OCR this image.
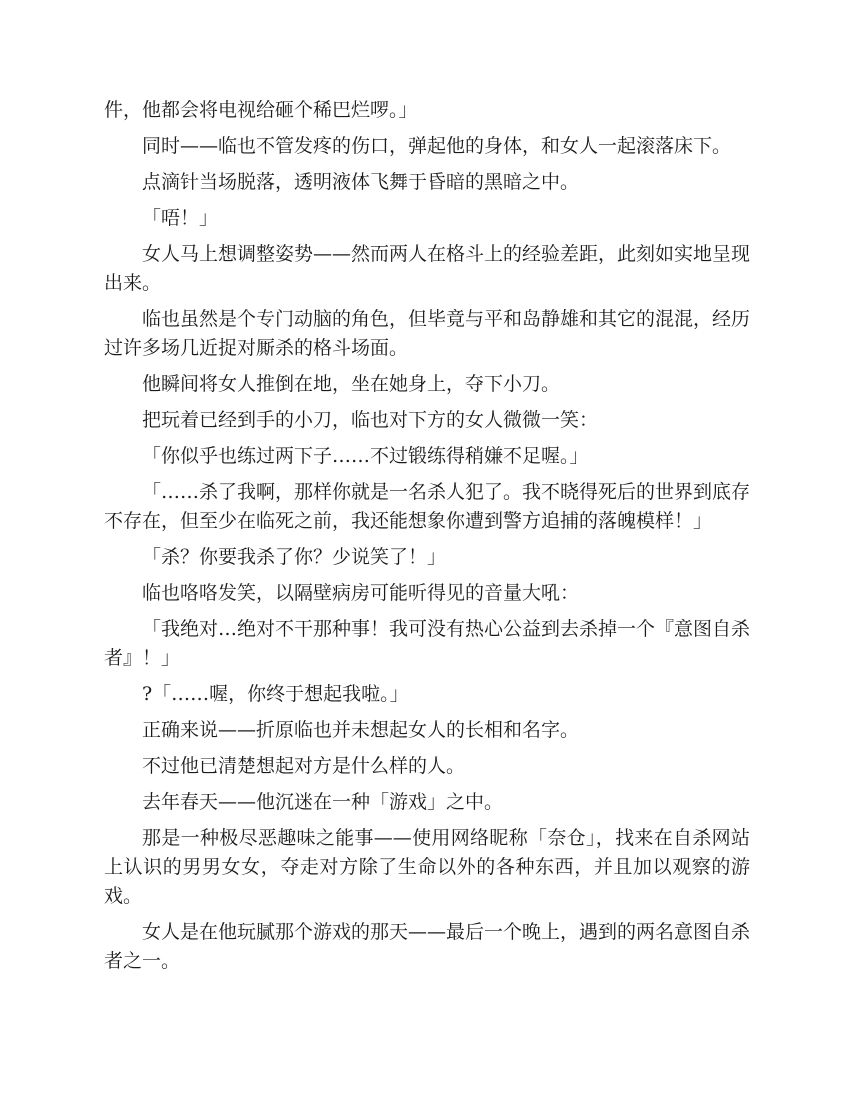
件，他都会将电视给砸个稀巴烂啰。」

同时——临也不管发疼的伤口，弹起他的身体，和女人一起滚落床下。

点滴针当场脱落，透明液体飞舞于昏暗的黑暗之中。

「唔！」

女人马上想调整姿势——然而两人在格斗上的经验差距，此刻如实地呈现出来。

临也虽然是个专门动脑的角色，但毕竟与平和岛静雄和其它的混混，经历过许多场几近捉对厮杀的格斗场面。

他瞬间将女人推倒在地，坐在她身上，夺下小刀。

把玩着已经到手的小刀，临也对下方的女人微微一笑：

「你似乎也练过两下子……不过锻练得稍嫌不足喔。」

「……杀了我啊，那样你就是一名杀人犯了。我不晓得死后的世界到底存不存在，但至少在临死之前，我还能想象你遭到警方追捕的落魄模样！」

「杀？你要我杀了你？少说笑了！」

临也咯咯发笑，以隔壁病房可能听得见的音量大吼：

「我绝对…绝对不干那种事！我可没有热心公益到去杀掉一个『意图自杀者』！」

?「……喔，你终于想起我啦。」

正确来说——折原临也并未想起女人的长相和名字。

不过他已清楚想起对方是什么样的人。

去年春天——他沉迷在一种「游戏」之中。

那是一种极尽恶趣味之能事——使用网络昵称「奈仓」，找来在自杀网站上认识的男男女女，夺走对方除了生命以外的各种东西，并且加以观察的游戏。

女人是在他玩腻那个游戏的那天——最后一个晚上，遇到的两名意图自杀者之一。
